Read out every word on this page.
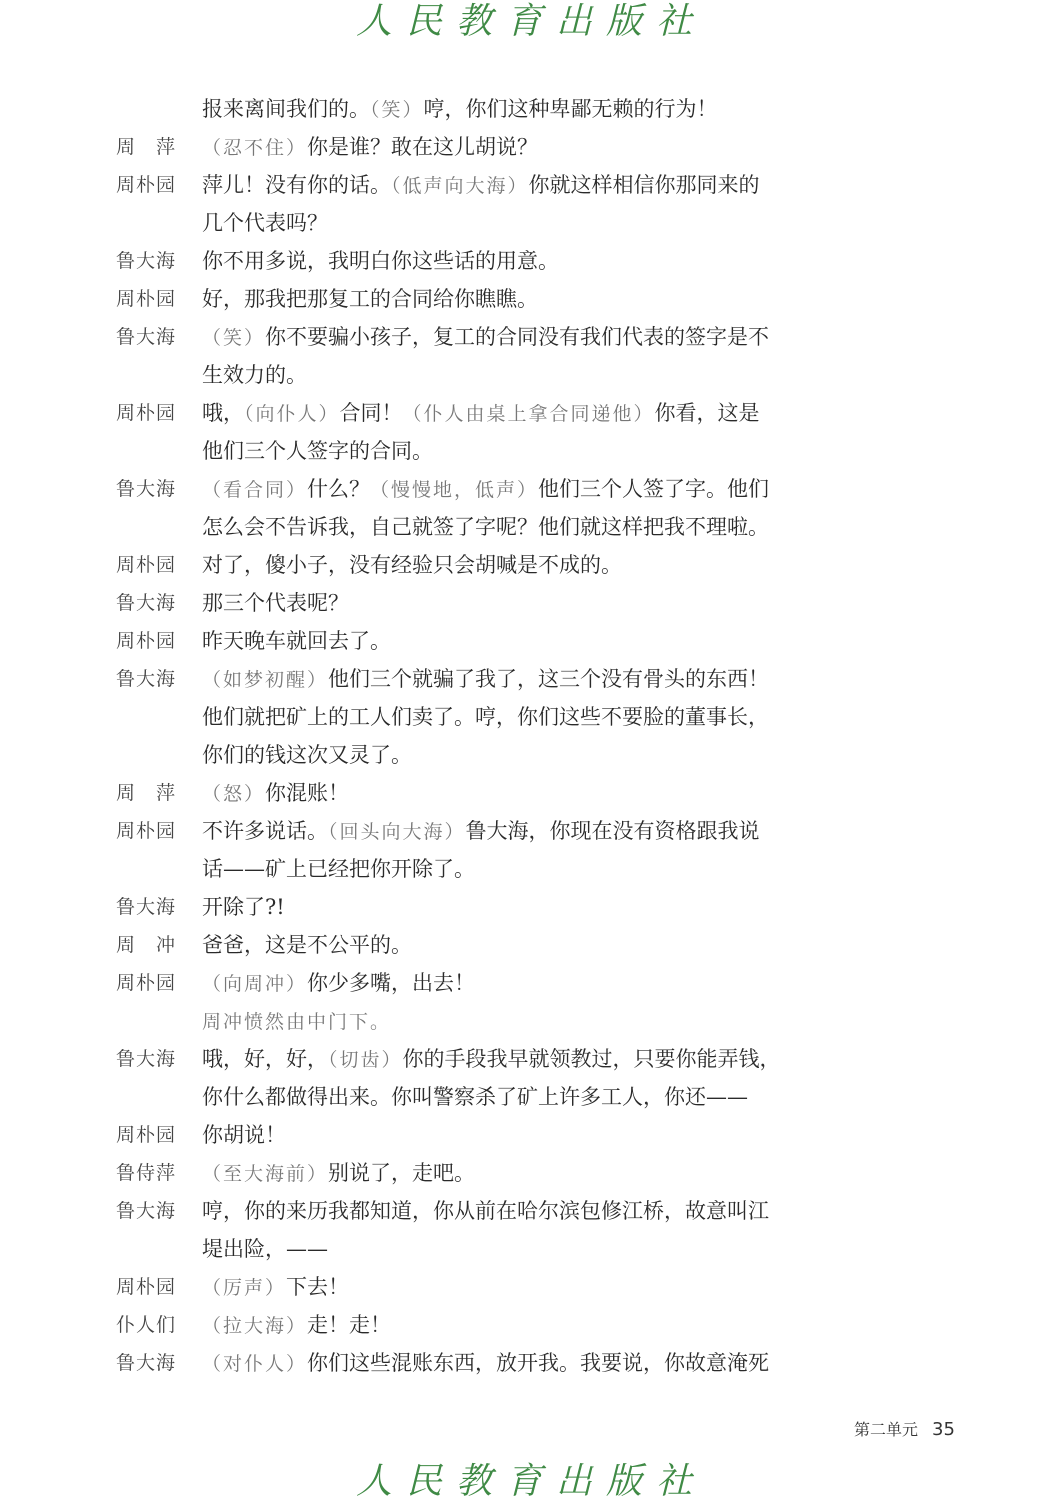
人民教育出版社
报来离间我们的。（笑）哼，你们这种卑鄙无赖的行为！
周　萍	（忍不住）你是谁？敢在这儿胡说？
周朴园	萍儿！没有你的话。（低声向大海）你就这样相信你那同来的
几个代表吗？
鲁大海	你不用多说，我明白你这些话的用意。
周朴园	好，那我把那复工的合同给你瞧瞧。
鲁大海	（笑）你不要骗小孩子，复工的合同没有我们代表的签字是不
生效力的。
周朴园	哦，（向仆人）合同！（仆人由桌上拿合同递他）你看，这是
他们三个人签字的合同。
鲁大海	（看合同）什么？（慢慢地，低声）他们三个人签了字。他们
怎么会不告诉我，自己就签了字呢？他们就这样把我不理啦。
周朴园	对了，傻小子，没有经验只会胡喊是不成的。
鲁大海	那三个代表呢？
周朴园	昨天晚车就回去了。
鲁大海	（如梦初醒）他们三个就骗了我了，这三个没有骨头的东西！
他们就把矿上的工人们卖了。哼，你们这些不要脸的董事长，
你们的钱这次又灵了。
周　萍	（怒）你混账！
周朴园	不许多说话。（回头向大海）鲁大海，你现在没有资格跟我说
话——矿上已经把你开除了。
鲁大海	开除了?!
周　冲	爸爸，这是不公平的。
周朴园	（向周冲）你少多嘴，出去！
周冲愤然由中门下。
鲁大海	哦，好，好，（切齿）你的手段我早就领教过，只要你能弄钱，
你什么都做得出来。你叫警察杀了矿上许多工人，你还——
周朴园	你胡说！
鲁侍萍	（至大海前）别说了，走吧。
鲁大海	哼，你的来历我都知道，你从前在哈尔滨包修江桥，故意叫江
堤出险，——
周朴园	（厉声）下去！
仆人们	（拉大海）走！走！
鲁大海	（对仆人）你们这些混账东西，放开我。我要说，你故意淹死
第二单元 35
人民教育出版社
